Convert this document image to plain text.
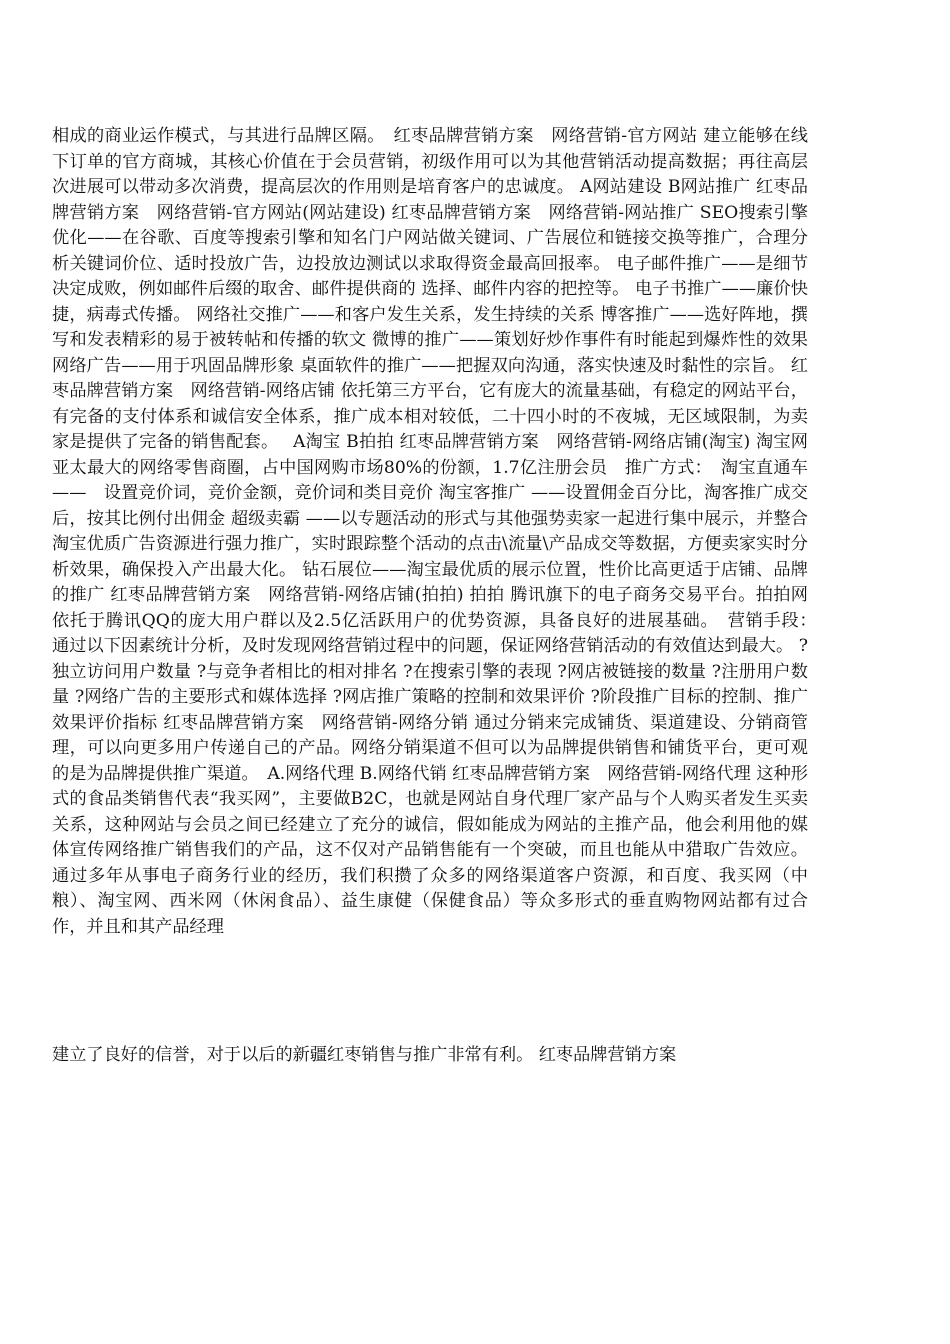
相成的商业运作模式，与其进行品牌区隔。　红枣品牌营销方案　网络营销-官方网站 建立能够在线下订单的官方商城，其核心价值在于会员营销，初级作用可以为其他营销活动提高数据；再往高层次进展可以带动多次消费，提高层次的作用则是培育客户的忠诚度。 A网站建设 B网站推广 红枣品牌营销方案　网络营销-官方网站(网站建设) 红枣品牌营销方案　网络营销-网站推广 SEO搜索引擎优化——在谷歌、百度等搜索引擎和知名门户网站做关键词、广告展位和链接交换等推广，合理分析关键词价位、适时投放广告，边投放边测试以求取得资金最高回报率。 电子邮件推广——是细节决定成败，例如邮件后缀的取舍、邮件提供商的 选择、邮件内容的把控等。 电子书推广——廉价快捷，病毒式传播。 网络社交推广——和客户发生关系，发生持续的关系 博客推广——选好阵地，撰写和发表精彩的易于被转帖和传播的软文 微博的推广——策划好炒作事件有时能起到爆炸性的效果 网络广告——用于巩固品牌形象 桌面软件的推广——把握双向沟通，落实快速及时黏性的宗旨。 红枣品牌营销方案　网络营销-网络店铺 依托第三方平台，它有庞大的流量基础，有稳定的网站平台，有完备的支付体系和诚信安全体系，推广成本相对较低，二十四小时的不夜城，无区域限制，为卖家是提供了完备的销售配套。　 A淘宝 B拍拍 红枣品牌营销方案　网络营销-网络店铺(淘宝) 淘宝网 亚太最大的网络零售商圈，占中国网购市场80%的份额，1.7亿注册会员　推广方式：　淘宝直通车——　设置竞价词，竞价金额，竞价词和类目竞价 淘宝客推广 ——设置佣金百分比，淘客推广成交后，按其比例付出佣金 超级卖霸 ——以专题活动的形式与其他强势卖家一起进行集中展示，并整合淘宝优质广告资源进行强力推广，实时跟踪整个活动的点击\流量\产品成交等数据，方便卖家实时分析效果，确保投入产出最大化。 钻石展位——淘宝最优质的展示位置，性价比高更适于店铺、品牌的推广 红枣品牌营销方案　网络营销-网络店铺(拍拍) 拍拍 腾讯旗下的电子商务交易平台。拍拍网依托于腾讯QQ的庞大用户群以及2.5亿活跃用户的优势资源，具备良好的进展基础。　营销手段：　通过以下因素统计分析，及时发现网络营销过程中的问题，保证网络营销活动的有效值达到最大。 ?独立访问用户数量 ?与竞争者相比的相对排名 ?在搜索引擎的表现 ?网店被链接的数量 ?注册用户数量 ?网络广告的主要形式和媒体选择 ?网店推广策略的控制和效果评价 ?阶段推广目标的控制、推广效果评价指标 红枣品牌营销方案　网络营销-网络分销 通过分销来完成铺货、渠道建设、分销商管理，可以向更多用户传递自己的产品。网络分销渠道不但可以为品牌提供销售和铺货平台，更可观的是为品牌提供推广渠道。　A.网络代理 B.网络代销 红枣品牌营销方案　网络营销-网络代理 这种形式的食品类销售代表“我买网”，主要做B2C，也就是网站自身代理厂家产品与个人购买者发生买卖关系，这种网站与会员之间已经建立了充分的诚信，假如能成为网站的主推产品，他会利用他的媒体宣传网络推广销售我们的产品，这不仅对产品销售能有一个突破，而且也能从中猎取广告效应。 通过多年从事电子商务行业的经历，我们积攒了众多的网络渠道客户资源，和百度、我买网（中粮）、淘宝网、西米网（休闲食品）、益生康健（保健食品）等众多形式的垂直购物网站都有过合作，并且和其产品经理

建立了良好的信誉，对于以后的新疆红枣销售与推广非常有利。 红枣品牌营销方案
